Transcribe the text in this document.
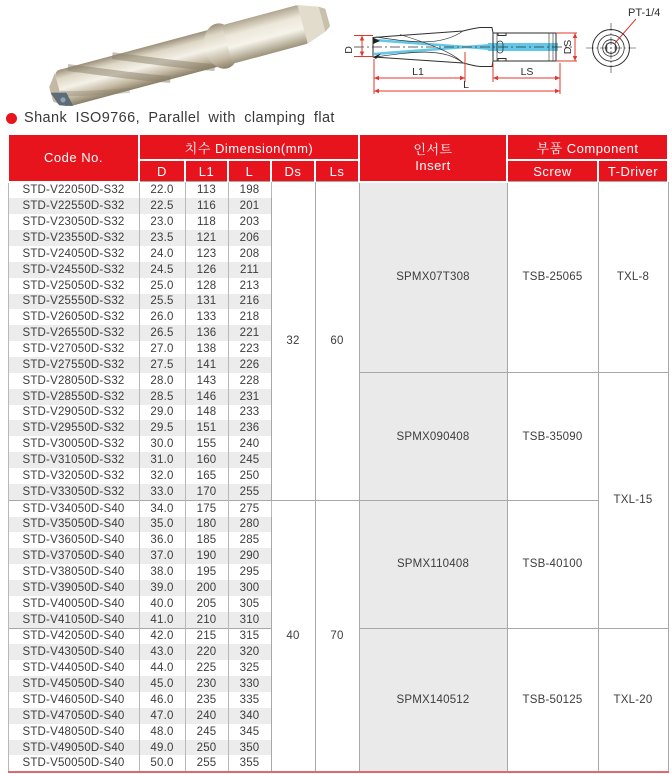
D
L1	LS
L
DS
PT-1/4
Shank ISO9766, Parallel with clamping flat
Code No.	치수 Dimension(mm)					인서트
Insert	부품 Component	
	D	L1	L	Ds	Ls		Screw	T-Driver
STD-V22050D-S32	22.0	113	198	32	60	SPMX07T308	TSB-25065	TXL-8
STD-V22550D-S32	22.5	116	201					
STD-V23050D-S32	23.0	118	203					
STD-V23550D-S32	23.5	121	206					
STD-V24050D-S32	24.0	123	208					
STD-V24550D-S32	24.5	126	211					
STD-V25050D-S32	25.0	128	213					
STD-V25550D-S32	25.5	131	216					
STD-V26050D-S32	26.0	133	218					
STD-V26550D-S32	26.5	136	221					
STD-V27050D-S32	27.0	138	223					
STD-V27550D-S32	27.5	141	226					
STD-V28050D-S32	28.0	143	228			SPMX090408	TSB-35090	TXL-15
STD-V28550D-S32	28.5	146	231					
STD-V29050D-S32	29.0	148	233					
STD-V29550D-S32	29.5	151	236					
STD-V30050D-S32	30.0	155	240					
STD-V31050D-S32	31.0	160	245					
STD-V32050D-S32	32.0	165	250					
STD-V33050D-S32	33.0	170	255					
STD-V34050D-S40	34.0	175	275	40	70	SPMX110408	TSB-40100	
STD-V35050D-S40	35.0	180	280					
STD-V36050D-S40	36.0	185	285					
STD-V37050D-S40	37.0	190	290					
STD-V38050D-S40	38.0	195	295					
STD-V39050D-S40	39.0	200	300					
STD-V40050D-S40	40.0	205	305					
STD-V41050D-S40	41.0	210	310					
STD-V42050D-S40	42.0	215	315			SPMX140512	TSB-50125	TXL-20
STD-V43050D-S40	43.0	220	320					
STD-V44050D-S40	44.0	225	325					
STD-V45050D-S40	45.0	230	330					
STD-V46050D-S40	46.0	235	335					
STD-V47050D-S40	47.0	240	340					
STD-V48050D-S40	48.0	245	345					
STD-V49050D-S40	49.0	250	350					
STD-V50050D-S40	50.0	255	355					
